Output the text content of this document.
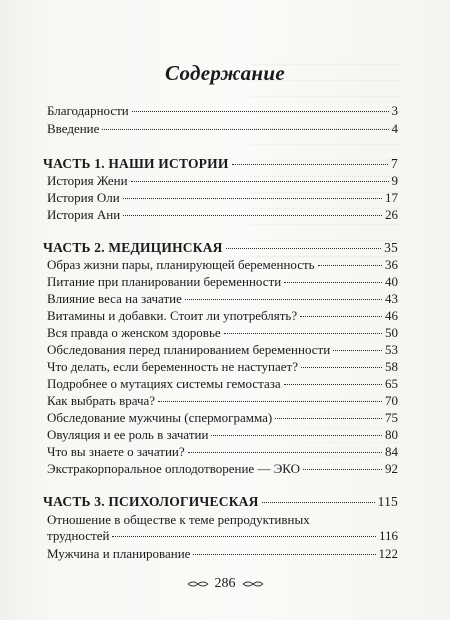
Содержание
Благодарности	3
Введение	4
ЧАСТЬ 1. НАШИ ИСТОРИИ	7
История Жени	9
История Оли	17
История Ани	26
ЧАСТЬ 2. МЕДИЦИНСКАЯ	35
Образ жизни пары, планирующей беременность	36
Питание при планировании беременности	40
Влияние веса на зачатие	43
Витамины и добавки. Стоит ли употреблять?	46
Вся правда о женском здоровье	50
Обследования перед планированием беременности	53
Что делать, если беременность не наступает?	58
Подробнее о мутациях системы гемостаза	65
Как выбрать врача?	70
Обследование мужчины (спермограмма)	75
Овуляция и ее роль в зачатии	80
Что вы знаете о зачатии?	84
Экстракорпоральное оплодотворение — ЭКО	92
ЧАСТЬ 3. ПСИХОЛОГИЧЕСКАЯ	115
Отношение в обществе к теме репродуктивных
трудностей	116
Мужчина и планирование	122
286
